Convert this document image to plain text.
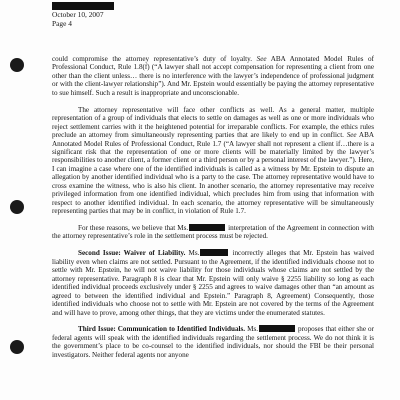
October 10, 2007
Page 4

could compromise the attorney representative’s duty of loyalty. See ABA Annotated Model Rules of Professional Conduct, Rule 1.8(f) (“A lawyer shall not accept compensation for representing a client from one other than the client unless… there is no interference with the lawyer’s independence of professional judgment or with the client-lawyer relationship”). And Mr. Epstein would essentially be paying the attorney representative to sue himself. Such a result is inappropriate and unconscionable.

The attorney representative will face other conflicts as well. As a general matter, multiple representation of a group of individuals that elects to settle on damages as well as one or more individuals who reject settlement carries with it the heightened potential for irreparable conflicts. For example, the ethics rules preclude an attorney from simultaneously representing parties that are likely to end up in conflict. See ABA Annotated Model Rules of Professional Conduct, Rule 1.7 (“A lawyer shall not represent a client if…there is a significant risk that the representation of one or more clients will be materially limited by the lawyer’s responsibilities to another client, a former client or a third person or by a personal interest of the lawyer.”). Here, I can imagine a case where one of the identified individuals is called as a witness by Mr. Epstein to dispute an allegation by another identified individual who is a party to the case. The attorney representative would have to cross examine the witness, who is also his client. In another scenario, the attorney representative may receive privileged information from one identified individual, which precludes him from using that information with respect to another identified individual. In each scenario, the attorney representative will be simultaneously representing parties that may be in conflict, in violation of Rule 1.7.

For these reasons, we believe that Ms.	interpretation of the Agreement in connection with the attorney representative’s role in the settlement process must be rejected.

Second Issue: Waiver of Liability. Ms.	incorrectly alleges that Mr. Epstein has waived liability even when claims are not settled. Pursuant to the Agreement, if the identified individuals choose not to settle with Mr. Epstein, he will not waive liability for those individuals whose claims are not settled by the attorney representative. Paragraph 8 is clear that Mr. Epstein will only waive § 2255 liability so long as each identified individual proceeds exclusively under § 2255 and agrees to waive damages other than “an amount as agreed to between the identified individual and Epstein.” Paragraph 8, Agreement) Consequently, those identified individuals who choose not to settle with Mr. Epstein are not covered by the terms of the Agreement and will have to prove, among other things, that they are victims under the enumerated statutes.

Third Issue: Communication to Identified Individuals. Ms.	proposes that either she or federal agents will speak with the identified individuals regarding the settlement process. We do not think it is the government’s place to be co-counsel to the identified individuals, nor should the FBI be their personal investigators. Neither federal agents nor anyone
